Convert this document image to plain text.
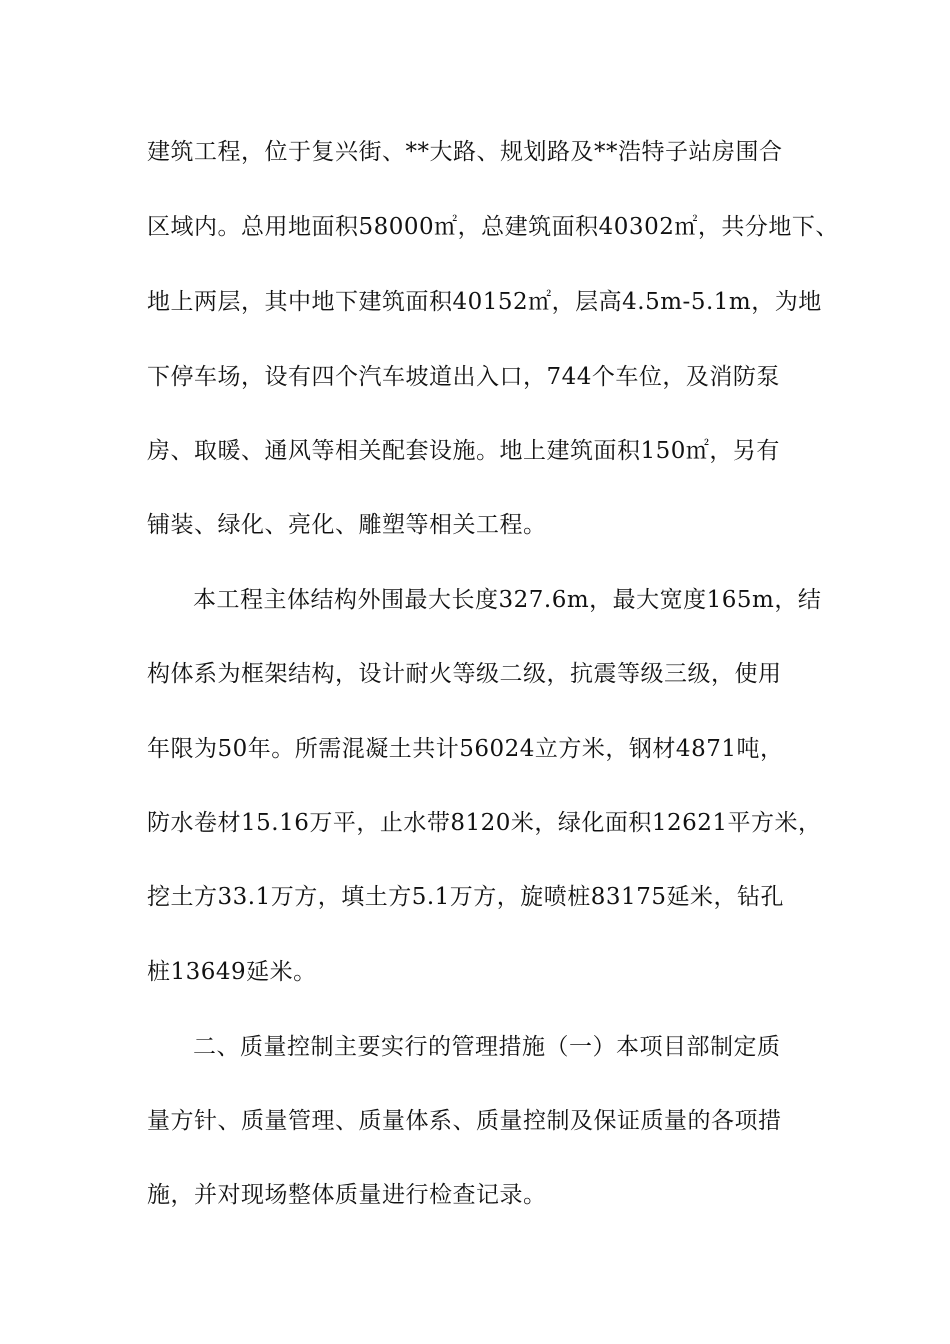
建筑工程，位于复兴街、**大路、规划路及**浩特子站房围合
区域内。总用地面积58000㎡，总建筑面积40302㎡，共分地下、
地上两层，其中地下建筑面积40152㎡，层高4.5m-5.1m，为地
下停车场，设有四个汽车坡道出入口，744个车位，及消防泵
房、取暖、通风等相关配套设施。地上建筑面积150㎡，另有
铺装、绿化、亮化、雕塑等相关工程。
本工程主体结构外围最大长度327.6m，最大宽度165m，结
构体系为框架结构，设计耐火等级二级，抗震等级三级，使用
年限为50年。所需混凝土共计56024立方米，钢材4871吨，
防水卷材15.16万平，止水带8120米，绿化面积12621平方米，
挖土方33.1万方，填土方5.1万方，旋喷桩83175延米，钻孔
桩13649延米。
二、质量控制主要实行的管理措施（一）本项目部制定质
量方针、质量管理、质量体系、质量控制及保证质量的各项措
施，并对现场整体质量进行检查记录。
